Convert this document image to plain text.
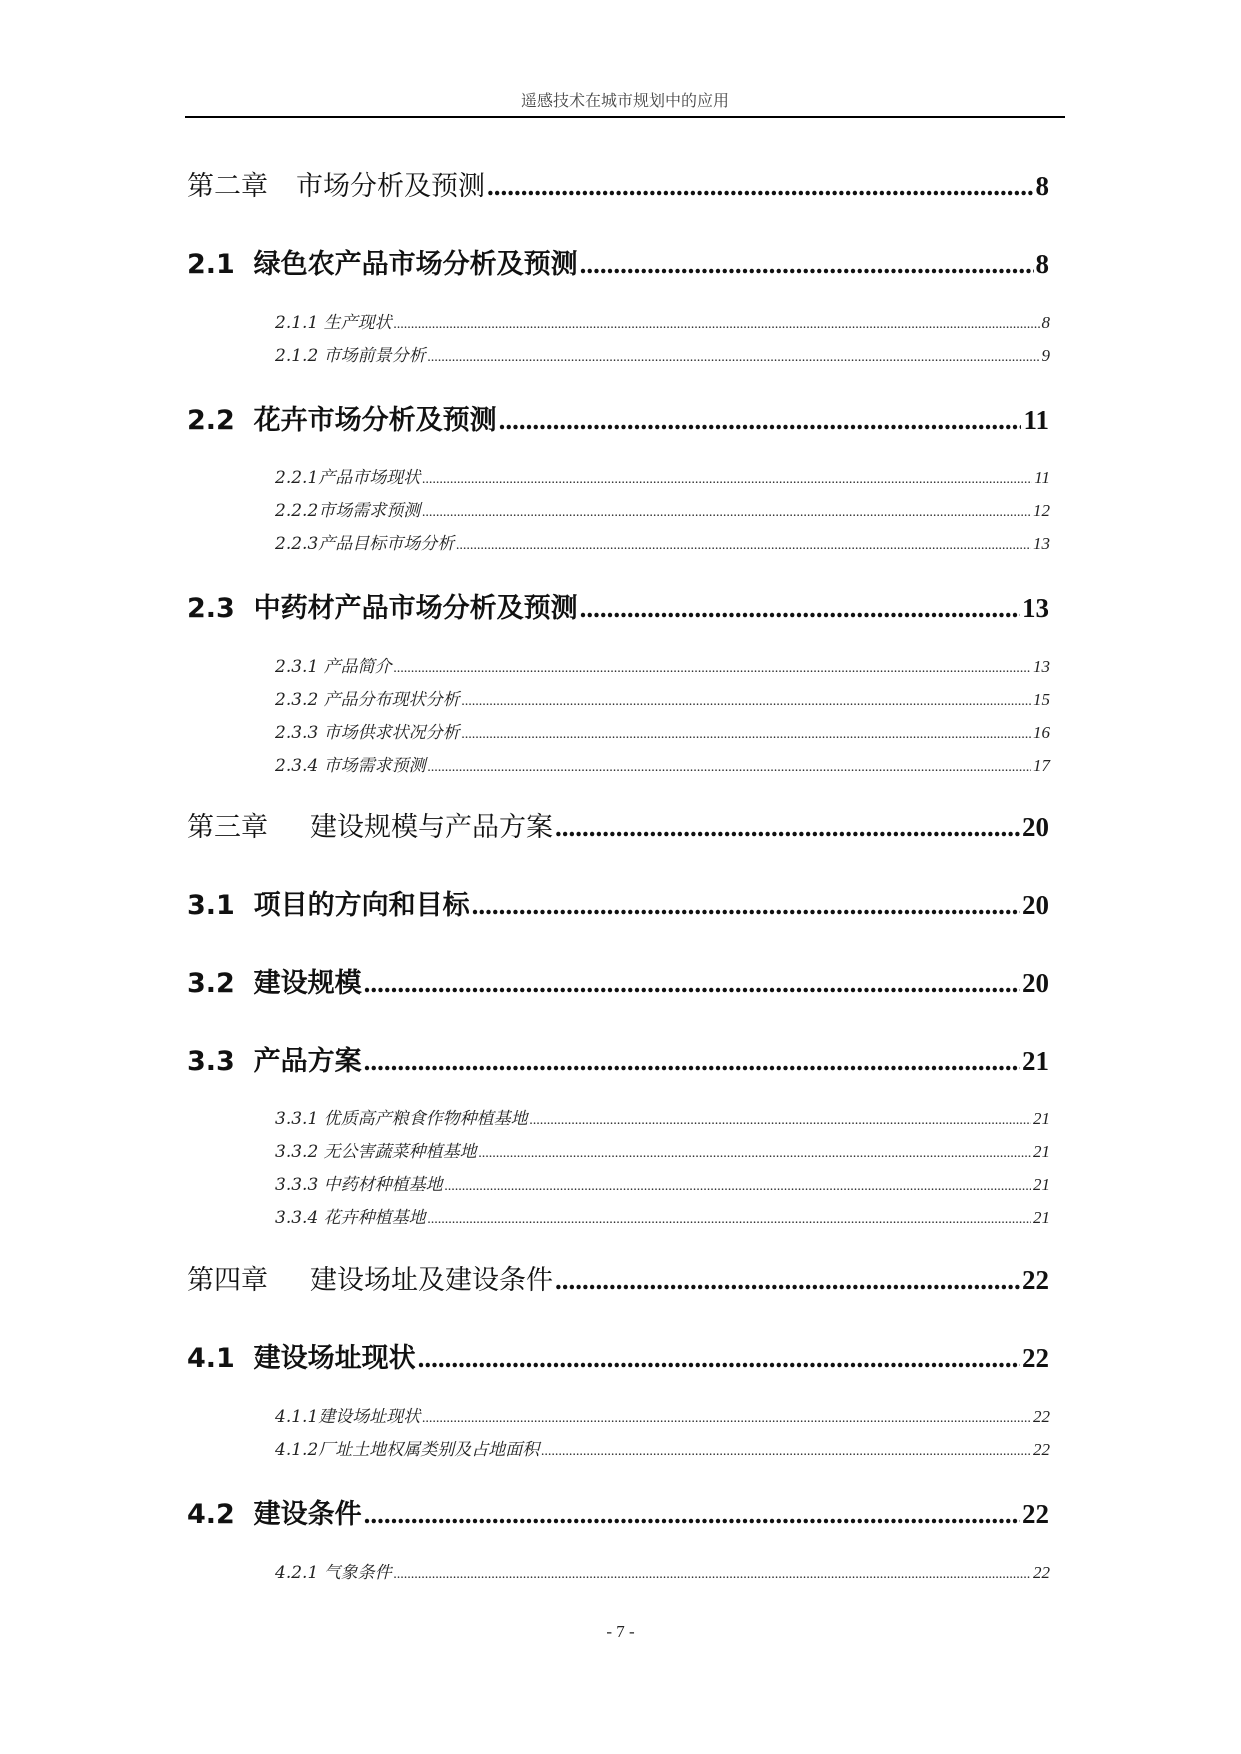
遥感技术在城市规划中的应用
第二章 市场分析及预测 .....	8
2.1 绿色农产品市场分析及预测 .....	8
2.1.1 生产现状 .....	8
2.1.2 市场前景分析 .....	9
2.2 花卉市场分析及预测 .....	11
2.2.1产品市场现状 .....	11
2.2.2市场需求预测 .....	12
2.2.3产品目标市场分析 .....	13
2.3 中药材产品市场分析及预测 .....	13
2.3.1 产品简介 .....	13
2.3.2 产品分布现状分析 .....	15
2.3.3 市场供求状况分析 .....	16
2.3.4 市场需求预测 .....	17
第三章 建设规模与产品方案 .....	20
3.1 项目的方向和目标 .....	20
3.2 建设规模 .....	20
3.3 产品方案 .....	21
3.3.1 优质高产粮食作物种植基地 .....	21
3.3.2 无公害蔬菜种植基地 .....	21
3.3.3 中药材种植基地 .....	21
3.3.4 花卉种植基地 .....	21
第四章 建设场址及建设条件 .....	22
4.1 建设场址现状 .....	22
4.1.1建设场址现状 .....	22
4.1.2厂址土地权属类别及占地面积 .....	22
4.2 建设条件 .....	22
4.2.1 气象条件 .....	22
- 7 -
